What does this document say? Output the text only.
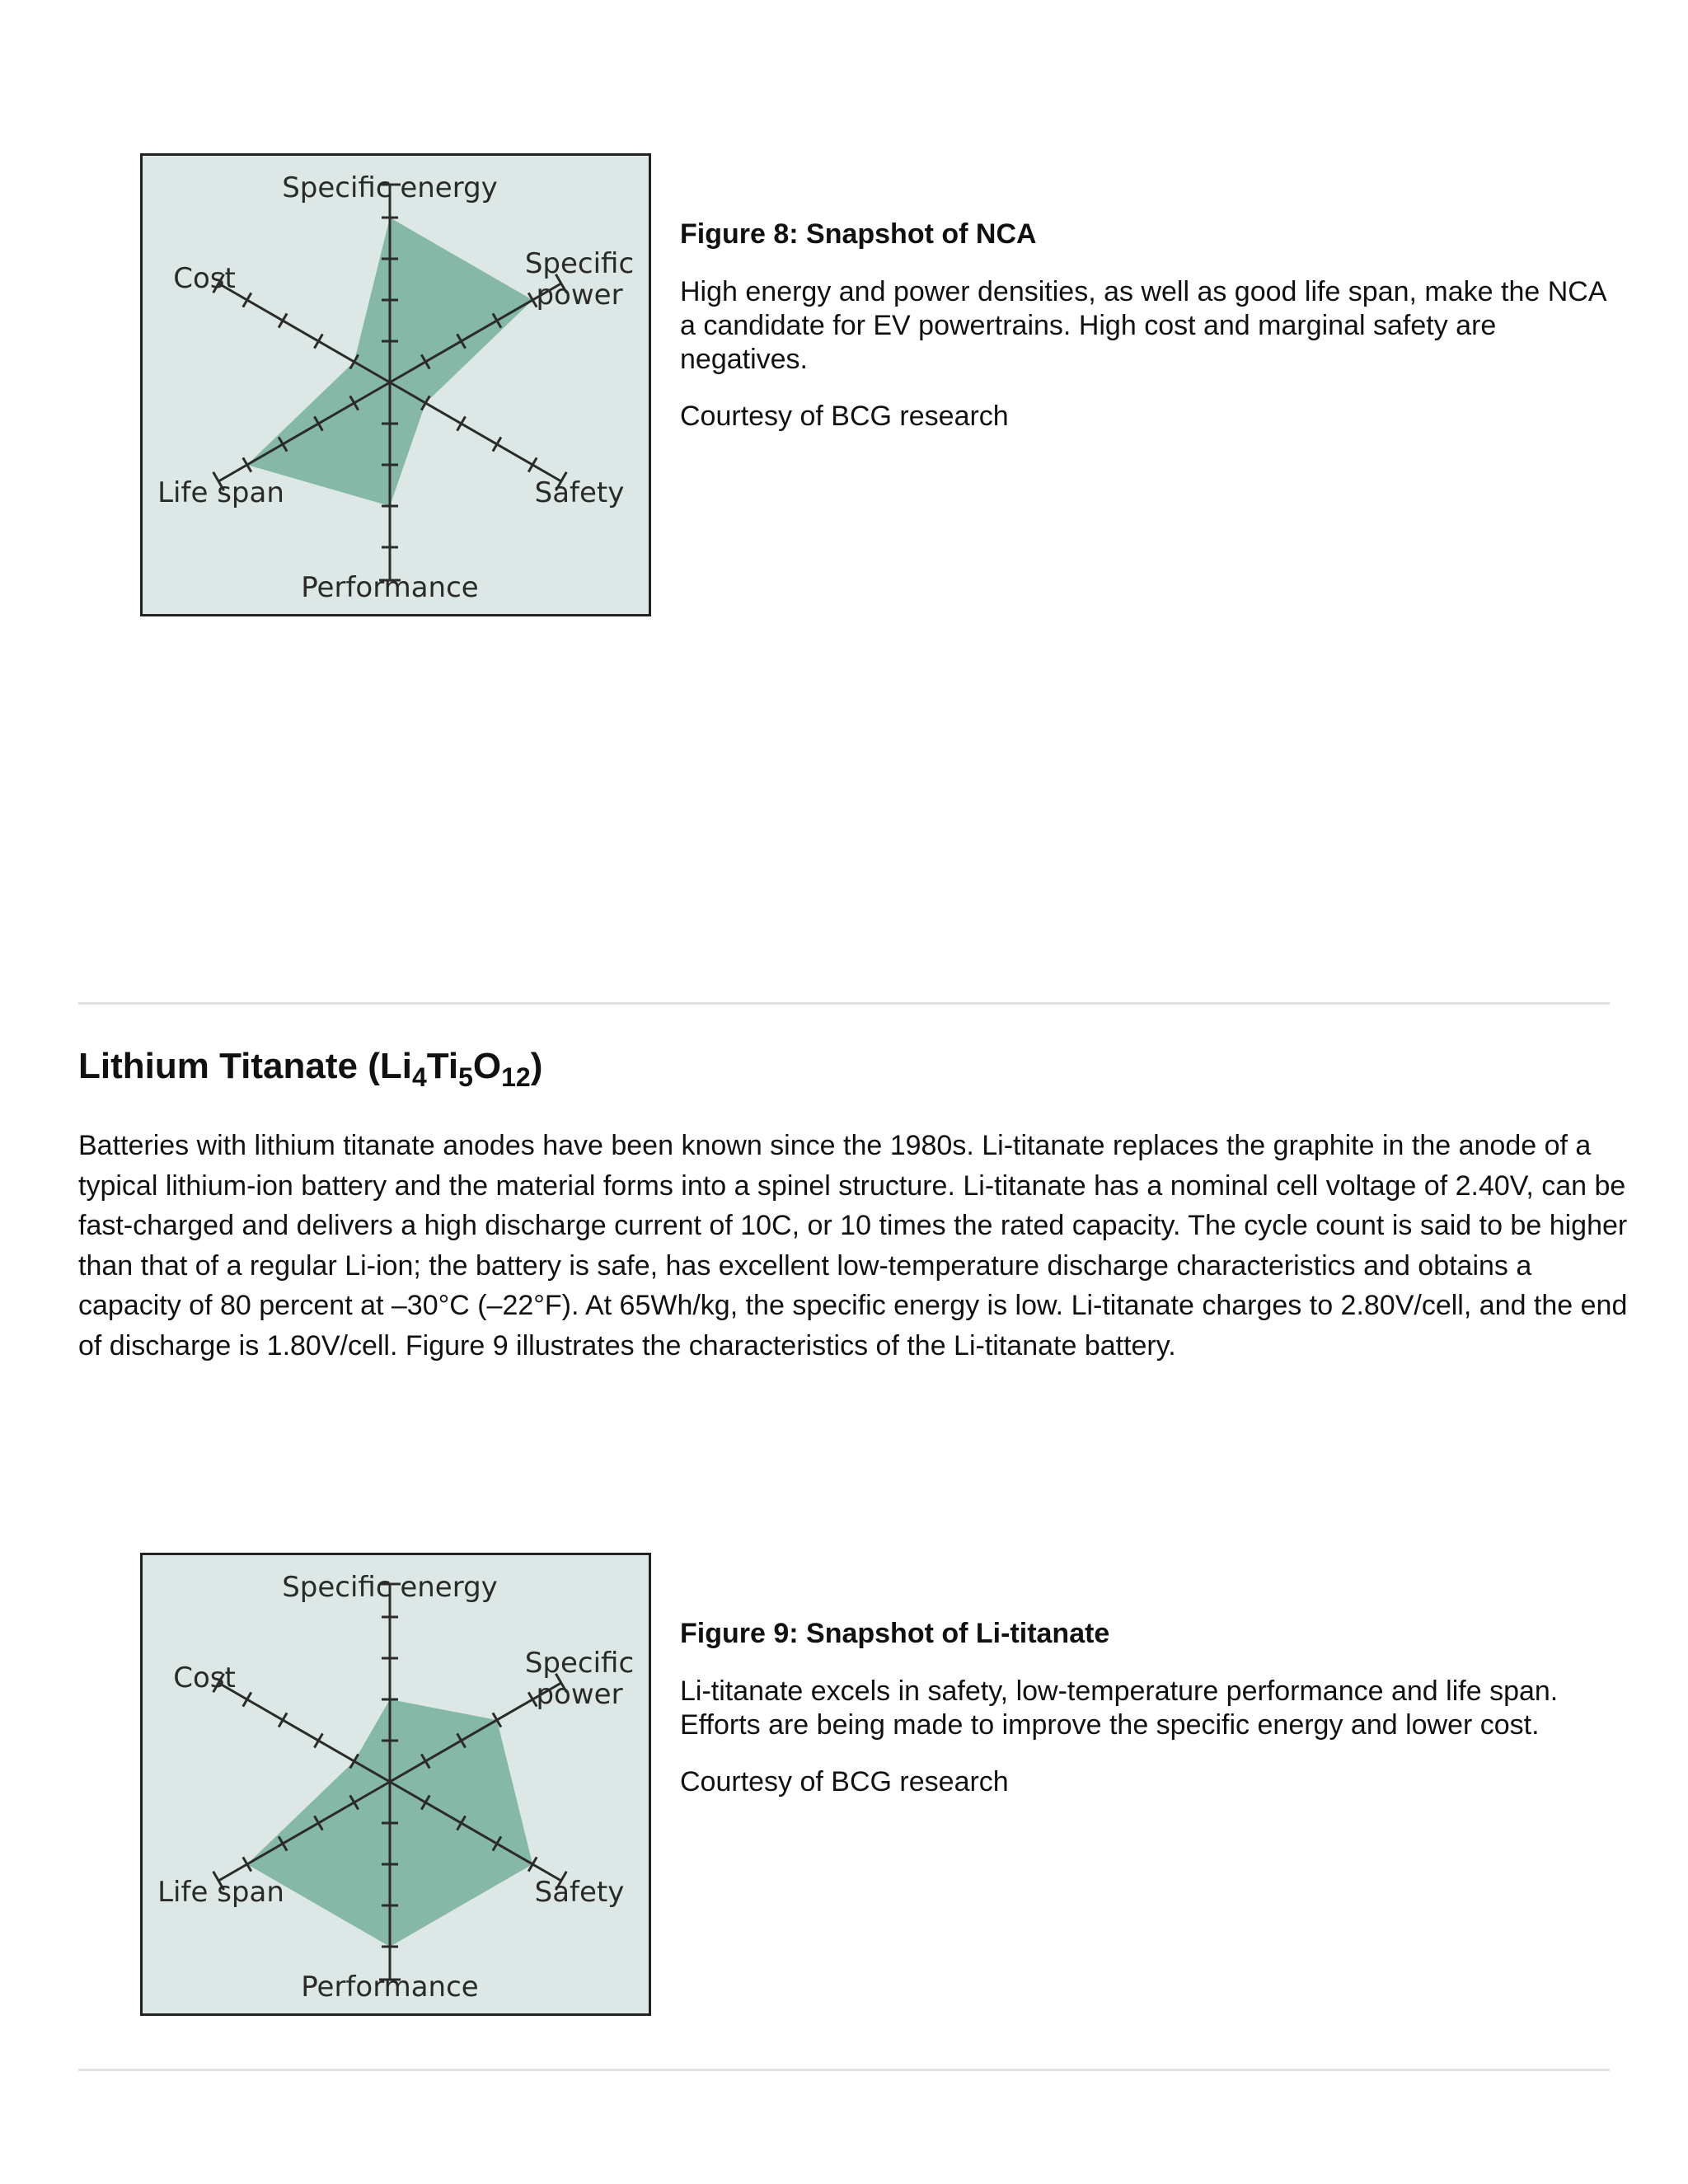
Specific energy
Specific power
Safety
Performance
Life span
Cost

Figure 8: Snapshot of NCA

High energy and power densities, as well as good life span, make the NCA
a candidate for EV powertrains. High cost and marginal safety are negatives.

Courtesy of BCG research

Lithium Titanate $(Li_4Ti_5O_{12})$

Batteries with lithium titanate anodes have been known since the 1980s. Li-titanate replaces the graphite in the anode of a typical lithium-ion battery and the material forms into a spinel structure. Li-titanate has a nominal cell voltage of 2.40V, can be fast-charged and delivers a high discharge current of 10C, or 10 times the rated capacity. The cycle count is said to be higher than that of a regular Li-ion; the battery is safe, has excellent low-temperature discharge characteristics and obtains a capacity of 80 percent at –30°C (–22°F). At 65Wh/kg, the specific energy is low. Li-titanate charges to 2.80V/cell, and the end of discharge is 1.80V/cell. Figure 9 illustrates the characteristics of the Li-titanate battery.

Specific energy
Specific power
Safety
Performance
Life span
Cost

Figure 9: Snapshot of Li-titanate

Li-titanate excels in safety, low-temperature performance and life span. Efforts are being made to improve the specific energy and lower cost.

Courtesy of BCG research
